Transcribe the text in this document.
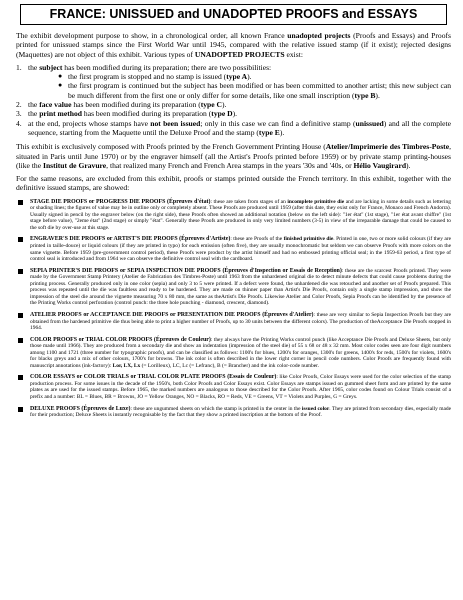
FRANCE: UNISSUED and UNADOPTED PROOFS and ESSAYS

The exhibit development purpose to show, in a chronological order, all known France unadopted projects (Proofs and Essays) and Proofs printed for unissued stamps since the First World War until 1945, compared with the relative issued stamp (if it exist); rejected designs (Maquettes) are not object of this exhibit. Various types of UNADOPTED PROJECTS exist:

1. the subject has been modified during its preparation; there are two possibilities:
● the first program is stopped and no stamp is issued (type A).
● the first program is continued but the subject has been modified or has been committed to another artist; this new subject can be much different from the first one or only differ for some details, like one small inscription (type B).
2. the face value has been modified during its preparation (type C).
3. the print method has been modified during its preparation (type D).
4. at the end, projects whose stamps have not been issued; only in this case we can find a definitive stamp (unissued) and all the complete sequence, starting from the Maquette until the Deluxe Proof and the stamp (type E).

This exhibit is exclusively composed with Proofs printed by the French Government Printing House (Atelier/Imprimerie des Timbres-Poste, situated in Paris until June 1970) or by the engraver himself (all the Artist's Proofs printed before 1959) or by private stamp printing-houses (like the Institut de Gravure, that realized many French and French Area stamps in the years '30s and '40s, or Hélio Vaugirard).

For the same reasons, are excluded from this exhibit, proofs or stamps printed outside the French territory. In this exhibit, together with the definitive issued stamps, are showed:

STAGE DIE PROOFS or PROGRESS DIE PROOFS (Épreuves d'état): these are taken from stages of an incomplete primitive die and are lacking in some details such as lettering or shading lines; the figures of value may be in outline only or completely absent. These Proofs are produced until 1959 (after this date, they exist only for France, Monaco and French Andorra). Usually signed in pencil by the engraver below (on the right side), these Proofs often showed an additional notation (below on the left side): "1er état" (1st stage), "1er état avant chiffre" (1st stage before value), "2eme état" (2nd stage) or simply "état". Generally these Proofs are produced in only very limited numbers (3-5) in view of the irreparable damage that could be caused to the soft die by over-use at this stage.
ENGRAVER'S DIE PROOFS or ARTIST'S DIE PROOFS (Épreuves d'Artiste): these are Proofs of the finished primitive die. Printed in one, two or more solid colours (if they are printed in taille-douce) or liquid colours (if they are printed in typo) for each emission (often five), they are usually monochromatic but seldom we can observe Proofs with more colors on the same vignette. Before 1959 (pre-government control period), these Proofs were product by the artist himself and had no embossed printing official seal; in the 1959-63 period, a first type of control seal is introduced and from 1964 we can observe the definitive control seal with the cardboard.
SEPIA PRINTER'S DIE PROOFS or SEPIA INSPECTION DIE PROOFS (Épreuves d'Inspection or Essais de Reception): these are the scarcest Proofs printed. They were made by the Government Stamp Printery (Atelier de Fabrication des Timbres-Poste) until 1963 from the unhardened original die to detect minute defects that could cause problems during the printing process. Generally produced only in one color (sepia) and only 3 to 5 were printed. If a defect were found, the unhardened die was retouched and another set of Proofs prepared. This process was repeated until the die was faultless and ready to be hardened. They are made on thinner paper than Artist's Die Proofs, contain only a single stamp impression, and show the impression of the steel die around the vignette measuring 70 x 80 mm, the same as theArtist's Die Proofs. Likewise Atelier and Color Proofs, Sepia Proofs can be identified by the presence of the Printing Works control perforation (control punch: the three hole punching - diamond, crescent, diamond).
ATELIER PROOFS or ACCEPTANCE DIE PROOFS or PRESENTATION DIE PROOFS (Épreuves d'Atelier): these are very similar to Sepia Inspection Proofs but they are obtained from the hardened primitive die thus being able to print a higher number of Proofs, up to 30 units between the different colors). The production of theAcceptance Die Proofs stopped in 1964.
COLOR PROOFS or TRIAL COLOR PROOFS (Épreuves de Couleur): they always have the Printing Works control punch (like Acceptance Die Proofs and Deluxe Sheets, but only those made until 1966). They are produced from a secondary die and show an indentation (impression of the steel die) of 55 x 68 or 48 x 32 mm. Most color codes seen are four digit numbers among 1100 and 1721 (three number for typographic proofs), and can be classified as follows: 1100's for blues, 1200's for oranges, 1300's for greens, 1400's for reds, 1500's for violets, 1600's for blacks greys and a mix of other colours, 1700's for browns. The ink color is often described in the lower right corner in pencil code numbers. Color Proofs are frequently found with manuscript annotations (ink-factory): Lor, LX, Lx (= Lorilleux), LC, Lc (= Lefranc), B (= Brancher) and the ink color-code number.
COLOR ESSAYS or COLOR TRIALS or TRIAL COLOR PLATE PROOFS (Essais de Couleur): like Color Proofs, Color Essays were used for the color selection of the stamp production process. For some issues in the decade of the 1950's, both Color Proofs and Color Essays exist. Color Essays are stamps issued on gummed sheet form and are printed by the same plates as are used for the issued stamps. Before 1965, the marked numbers are analogous to those described for the Color Proofs. After 1965, color codes found on Colour Trials consist of a prefix and a number: BL = Blues, BR = Browns, JO = Yellow Oranges, NO = Blacks, RO = Reds, VE = Greens, VT = Violets and Purples, G = Greys.
DELUXE PROOFS (Épreuves de Luxe): these are ungummed sheets on which the stamp is printed in the center in the issued color. They are printed from secondary dies, especially made for their production; Deluxe Sheets is instantly recognisable by the fact that they show a printed inscription at the bottom of the Proof.
